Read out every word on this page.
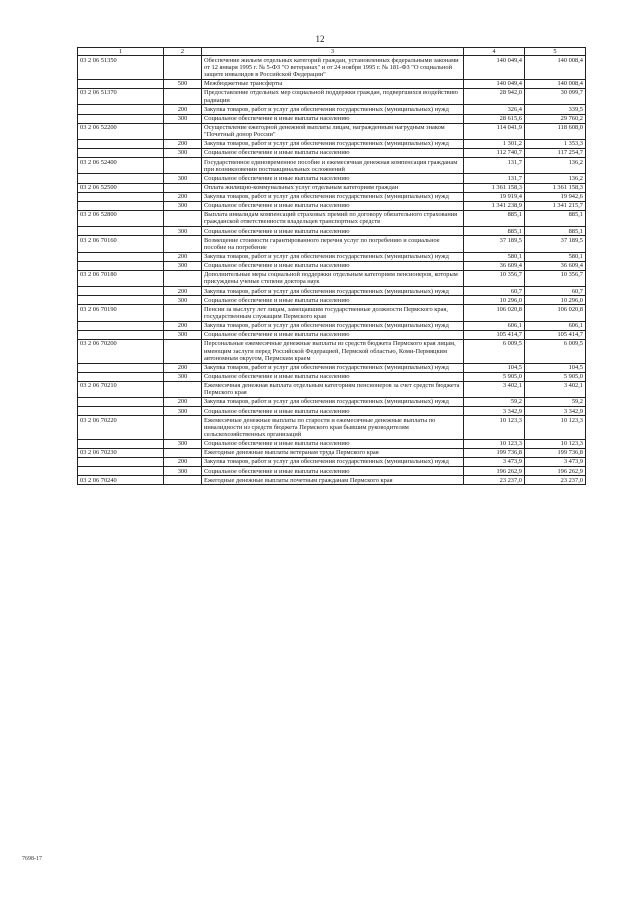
12
1	2	3	4	5
03 2 06 51350		Обеспечение жильем отдельных категорий граждан, установленных федеральными законами от 12 января 1995 г. № 5-ФЗ "О ветеранах" и от 24 ноября 1995 г. № 181-ФЗ "О социальной защите инвалидов в Российской Федерации"	140 049,4	140 008,4
	500	Межбюджетные трансферты	140 049,4	140 008,4
03 2 06 51370		Предоставление отдельных мер социальной поддержки граждан, подвергшихся воздействию радиации	28 942,0	30 099,7
	200	Закупка товаров, работ и услуг для обеспечения государственных (муниципальных) нужд	326,4	339,5
	300	Социальное обеспечение и иные выплаты населению	28 615,6	29 760,2
03 2 06 52200		Осуществление ежегодной денежной выплаты лицам, награжденным нагрудным знаком "Почетный донор России"	114 041,9	118 608,0
	200	Закупка товаров, работ и услуг для обеспечения государственных (муниципальных) нужд	1 301,2	1 353,3
	300	Социальное обеспечение и иные выплаты населению	112 740,7	117 254,7
03 2 06 52400		Государственное единовременное пособие и ежемесячная денежная компенсация гражданам при возникновении поствакцинальных осложнений	131,7	136,2
	300	Социальное обеспечение и иные выплаты населению	131,7	136,2
03 2 06 52500		Оплата жилищно-коммунальных услуг отдельным категориям граждан	1 361 158,3	1 361 158,3
	200	Закупка товаров, работ и услуг для обеспечения государственных (муниципальных) нужд	19 919,4	19 942,6
	300	Социальное обеспечение и иные выплаты населению	1 341 238,9	1 341 215,7
03 2 06 52800		Выплата инвалидам компенсаций страховых премий по договору обязательного страхования гражданской ответственности владельцев транспортных средств	885,1	885,1
	300	Социальное обеспечение и иные выплаты населению	885,1	885,1
03 2 06 70160		Возмещение стоимости гарантированного перечня услуг по погребению и социальное пособие на погребение	37 189,5	37 189,5
	200	Закупка товаров, работ и услуг для обеспечения государственных (муниципальных) нужд	580,1	580,1
	300	Социальное обеспечение и иные выплаты населению	36 609,4	36 609,4
03 2 06 70180		Дополнительные меры социальной поддержки отдельным категориям пенсионеров, которым присуждены ученые степени доктора наук	10 356,7	10 356,7
	200	Закупка товаров, работ и услуг для обеспечения государственных (муниципальных) нужд	60,7	60,7
	300	Социальное обеспечение и иные выплаты населению	10 296,0	10 296,0
03 2 06 70190		Пенсии за выслугу лет лицам, замещавшим государственные должности Пермского края, государственным служащим Пермского края	106 020,8	106 020,8
	200	Закупка товаров, работ и услуг для обеспечения государственных (муниципальных) нужд	606,1	606,1
	300	Социальное обеспечение и иные выплаты населению	105 414,7	105 414,7
03 2 06 70200		Персональные ежемесячные денежные выплаты из средств бюджета Пермского края лицам, имеющим заслуги перед Российской Федерацией, Пермской областью, Коми-Пермяцким автономным округом, Пермским краем	6 009,5	6 009,5
	200	Закупка товаров, работ и услуг для обеспечения государственных (муниципальных) нужд	104,5	104,5
	300	Социальное обеспечение и иные выплаты населению	5 905,0	5 905,0
03 2 06 70210		Ежемесячная денежная выплата отдельным категориям пенсионеров за счет средств бюджета Пермского края	3 402,1	3 402,1
	200	Закупка товаров, работ и услуг для обеспечения государственных (муниципальных) нужд	59,2	59,2
	300	Социальное обеспечение и иные выплаты населению	3 342,9	3 342,9
03 2 06 70220		Ежемесячные денежные выплаты по старости и ежемесячные денежные выплаты по инвалидности из средств бюджета Пермского края бывшим руководителям сельскохозяйственных организаций	10 123,3	10 123,3
	300	Социальное обеспечение и иные выплаты населению	10 123,3	10 123,3
03 2 06 70230		Ежегодные денежные выплаты ветеранам труда Пермского края	199 736,8	199 736,8
	200	Закупка товаров, работ и услуг для обеспечения государственных (муниципальных) нужд	3 473,9	3 473,9
	300	Социальное обеспечение и иные выплаты населению	196 262,9	196 262,9
03 2 06 70240		Ежегодные денежные выплаты почетным гражданам Пермского края	23 237,0	23 237,0
7698-17
